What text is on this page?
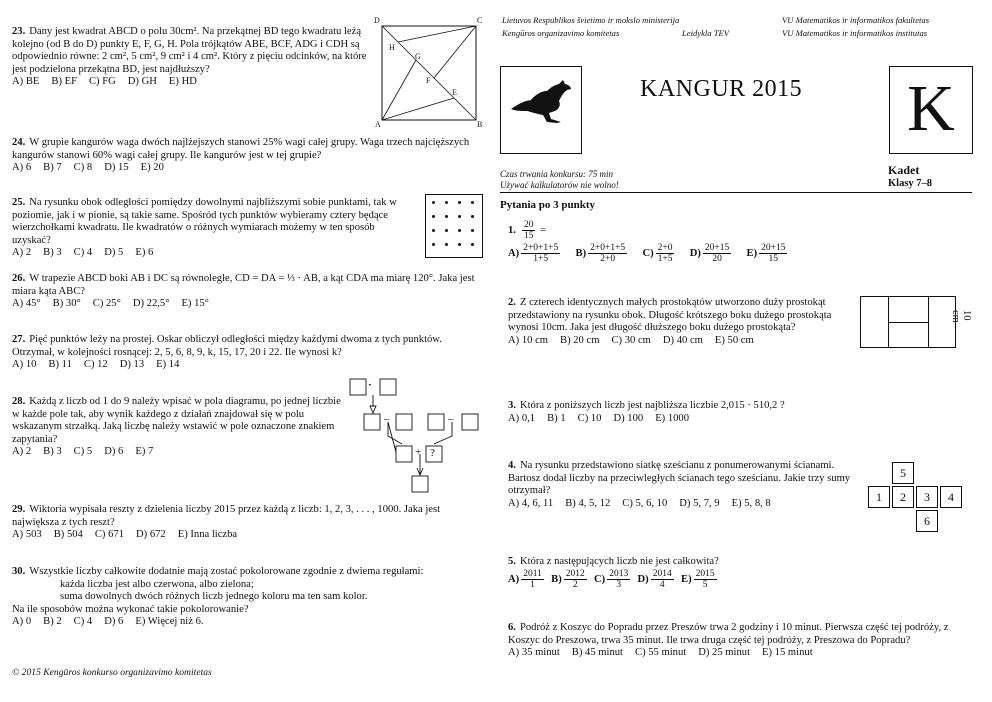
23. Dany jest kwadrat ABCD o polu 30cm². Na przekątnej BD tego kwadratu leżą kolejno (od B do D) punkty E, F, G, H. Pola trójkątów ABE, BCF, ADG i CDH są odpowiednio równe: 2 cm², 5 cm², 9 cm² i 4 cm². Który z pięciu odcinków, na które jest podzielona przekątna BD, jest najdłuższy?
A) BE B) EF C) FG D) GH E) HD
D	C
A	B
H
G
F
E
24. W grupie kangurów waga dwóch najlżejszych stanowi 25% wagi całej grupy. Waga trzech najcięższych kangurów stanowi 60% wagi całej grupy. Ile kangurów jest w tej grupie?
A) 6 B) 7 C) 8 D) 15 E) 20
25. Na rysunku obok odległości pomiędzy dowolnymi najbliższymi sobie punktami, tak w poziomie, jak i w pionie, są takie same. Spośród tych punktów wybieramy cztery będące wierzchołkami kwadratu. Ile kwadratów o różnych wymiarach możemy w ten sposób uzyskać?
A) 2 B) 3 C) 4 D) 5 E) 6
26. W trapezie ABCD boki AB i DC są równoległe, CD = DA = ⅓ · AB, a kąt CDA ma miarę 120°. Jaka jest miara kąta ABC?
A) 45° B) 30° C) 25° D) 22,5° E) 15°
27. Pięć punktów leży na prostej. Oskar obliczył odległości między każdymi dwoma z tych punktów. Otrzymał, w kolejności rosnącej: 2, 5, 6, 8, 9, k, 15, 17, 20 i 22. Ile wynosi k?
A) 10 B) 11 C) 12 D) 13 E) 14
28. Każdą z liczb od 1 do 9 należy wpisać w pola diagramu, po jednej liczbie w każde pole tak, aby wynik każdego z działań znajdował się w polu wskazanym strzałką. Jaką liczbę należy wstawić w pole oznaczone znakiem zapytania?
A) 2 B) 3 C) 5 D) 6 E) 7
·
–	–
+ ?
29. Wiktoria wypisała reszty z dzielenia liczby 2015 przez każdą z liczb: 1, 2, 3, . . . , 1000. Jaka jest największa z tych reszt?
A) 503 B) 504 C) 671 D) 672 E) Inna liczba
30. Wszystkie liczby całkowite dodatnie mają zostać pokolorowane zgodnie z dwiema regułami:
każda liczba jest albo czerwona, albo zielona;
suma dowolnych dwóch różnych liczb jednego koloru ma ten sam kolor.
Na ile sposobów można wykonać takie pokolorowanie?
A) 0 B) 2 C) 4 D) 6 E) Więcej niż 6.
© 2015 Kengūros konkurso organizavimo komitetas
Lietuvos Respublikos švietimo ir mokslo ministerija
Kengūros organizavimo komitetas	Leidykla TEV
VU Matematikos ir informatikos fakultetas
VU Matematikos ir informatikos institutas
KANGUR 2015 K
Czas trwania konkursu: 75 min
Używać kalkulatorów nie wolno!
Kadet
Klasy 7–8
Pytania po 3 punkty
1. $\frac{20}{15}$ =
$A) \frac{2+0+1+5}{1+5} B) \frac{2+0+1+5}{2+0} C) \frac{2+0}{1+5} D) \frac{20+15}{20} E) \frac{20+15}{15}$
2. Z czterech identycznych małych prostokątów utworzono duży prostokąt przedstawiony na rysunku obok. Długość krótszego boku dużego prostokąta wynosi 10cm. Jaka jest długość dłuższego boku dużego prostokąta?
A) 10 cm B) 20 cm C) 30 cm D) 40 cm E) 50 cm
10 cm
3. Która z poniższych liczb jest najbliższa liczbie 2,015 · 510,2 ?
A) 0,1 B) 1 C) 10 D) 100 E) 1000
4. Na rysunku przedstawiono siatkę sześcianu z ponumerowanymi ścianami. Bartosz dodał liczby na przeciwległych ścianach tego sześcianu. Jakie trzy sumy otrzymał?
A) 4, 6, 11 B) 4, 5, 12 C) 5, 6, 10 D) 5, 7, 9 E) 5, 8, 8
5
1	2	3	4
6
5. Która z następujących liczb nie jest całkowita?
$A) \frac{2011}{1} B) \frac{2012}{2} C) \frac{2013}{3} D) \frac{2014}{4} E) \frac{2015}{5}$
6. Podróż z Koszyc do Popradu przez Preszów trwa 2 godziny i 10 minut. Pierwsza część tej podróży, z Koszyc do Preszowa, trwa 35 minut. Ile trwa druga część tej podróży, z Preszowa do Popradu?
A) 35 minut B) 45 minut C) 55 minut D) 25 minut E) 15 minut
